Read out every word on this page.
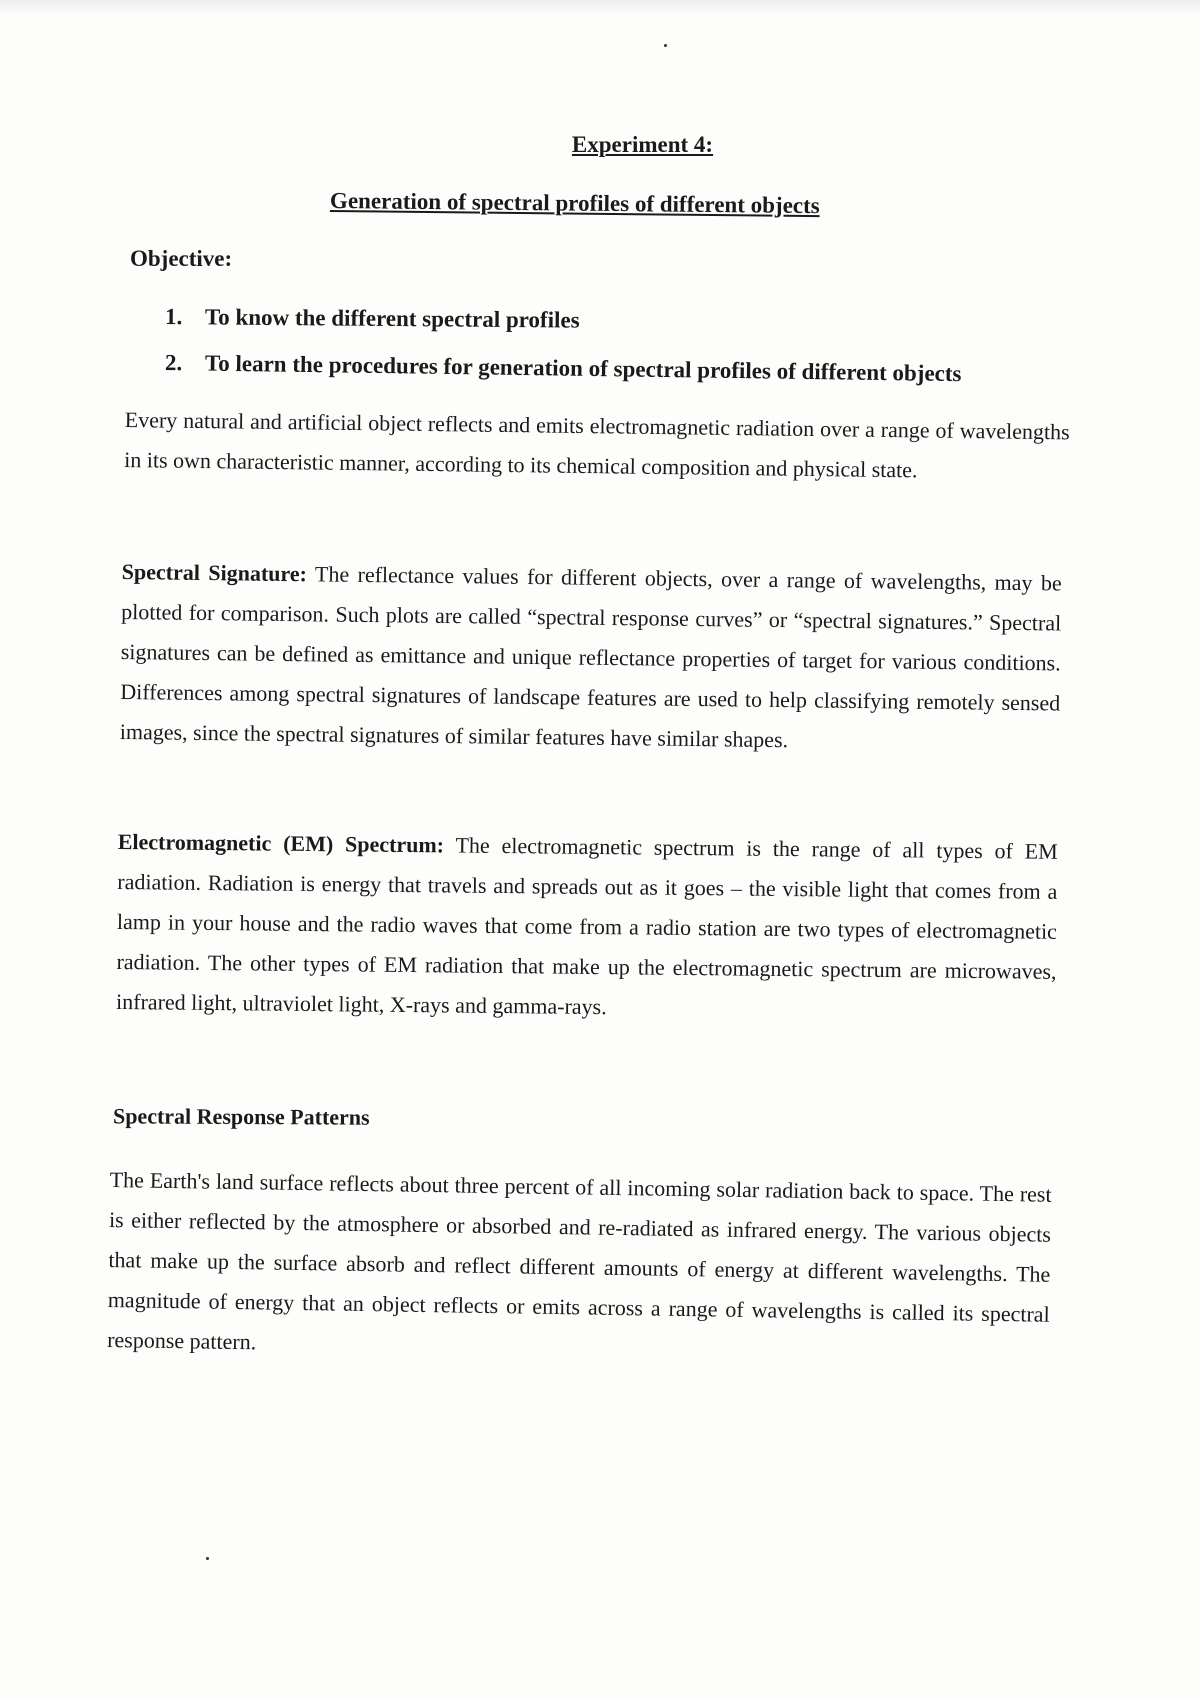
Experiment 4:
Generation of spectral profiles of different objects
Objective:
1. To know the different spectral profiles
2. To learn the procedures for generation of spectral profiles of different objects

Every natural and artificial object reflects and emits electromagnetic radiation over a range of wavelengths in its own characteristic manner, according to its chemical composition and physical state.

Spectral Signature: The reflectance values for different objects, over a range of wavelengths, may be plotted for comparison. Such plots are called “spectral response curves” or “spectral signatures.” Spectral signatures can be defined as emittance and unique reflectance properties of target for various conditions. Differences among spectral signatures of landscape features are used to help classifying remotely sensed images, since the spectral signatures of similar features have similar shapes.

Electromagnetic (EM) Spectrum: The electromagnetic spectrum is the range of all types of EM radiation. Radiation is energy that travels and spreads out as it goes – the visible light that comes from a lamp in your house and the radio waves that come from a radio station are two types of electromagnetic radiation. The other types of EM radiation that make up the electromagnetic spectrum are microwaves, infrared light, ultraviolet light, X-rays and gamma-rays.

Spectral Response Patterns

The Earth's land surface reflects about three percent of all incoming solar radiation back to space. The rest is either reflected by the atmosphere or absorbed and re-radiated as infrared energy. The various objects that make up the surface absorb and reflect different amounts of energy at different wavelengths. The magnitude of energy that an object reflects or emits across a range of wavelengths is called its spectral response pattern.
